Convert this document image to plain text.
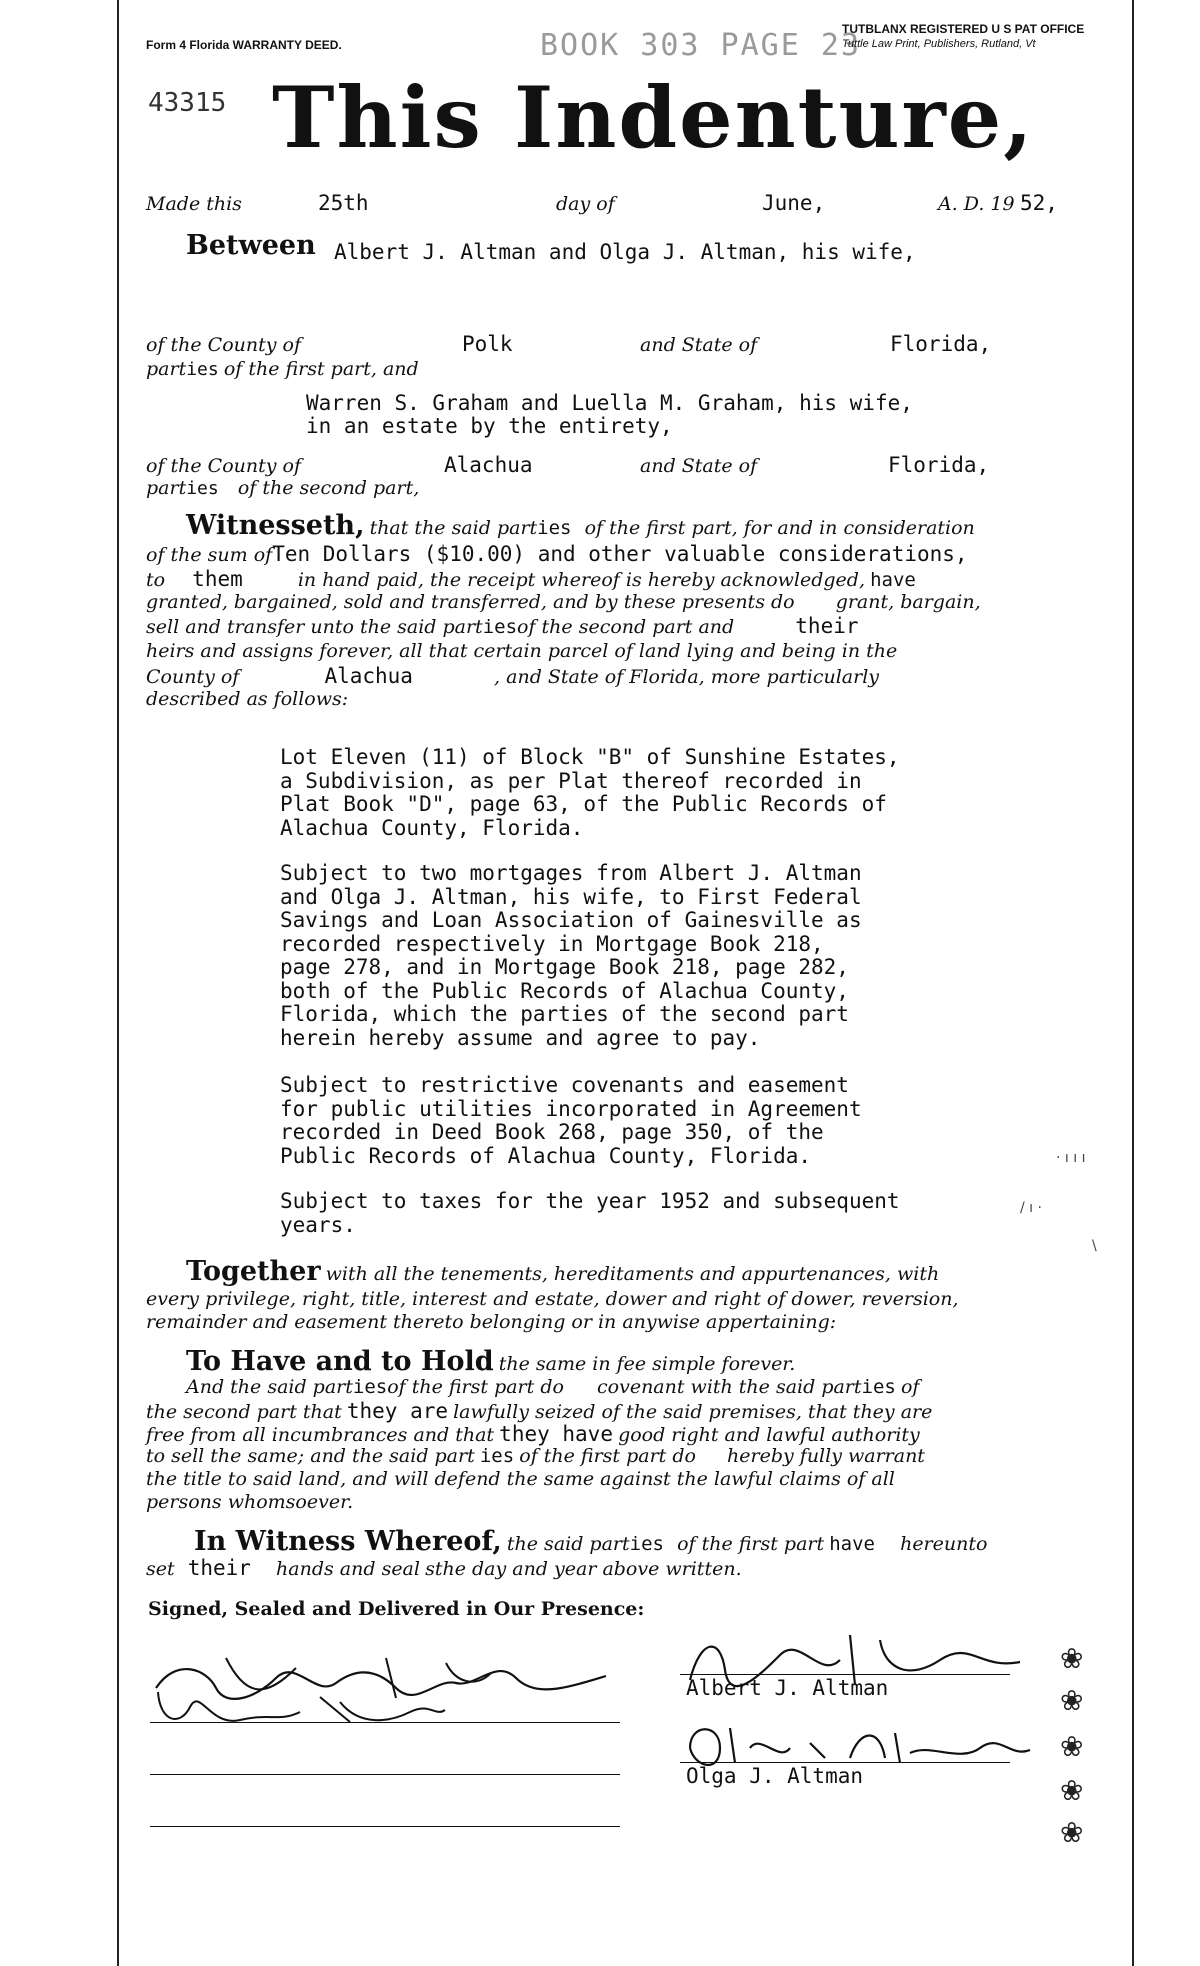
Form 4 Florida WARRANTY DEED.	BOOK 303 PAGE 23
TUTBLANX REGISTERED U S PAT OFFICE
Tuttle Law Print, Publishers, Rutland, Vt
43315 This Indenture,
Made this	25th	day of	June,	A. D. 19 52,
Between Albert J. Altman and Olga J. Altman, his wife,
of the County of	Polk	and State of	Florida,
parties of the first part, and
Warren S. Graham and Luella M. Graham, his wife,
in an estate by the entirety,
of the County of	Alachua	and State of	Florida,
parties of the second part,
Witnesseth, that the said parties of the first part, for and in consideration
of the sum ofTen Dollars ($10.00) and other valuable considerations,
to them	in hand paid, the receipt whereof is hereby acknowledged, have
granted, bargained, sold and transferred, and by these presents do grant, bargain,
sell and transfer unto the said partiesof the second part and	their
heirs and assigns forever, all that certain parcel of land lying and being in the
County of	Alachua	, and State of Florida, more particularly
described as follows:
Lot Eleven (11) of Block "B" of Sunshine Estates,
a Subdivision, as per Plat thereof recorded in
Plat Book "D", page 63, of the Public Records of
Alachua County, Florida.
Subject to two mortgages from Albert J. Altman
and Olga J. Altman, his wife, to First Federal
Savings and Loan Association of Gainesville as
recorded respectively in Mortgage Book 218,
page 278, and in Mortgage Book 218, page 282,
both of the Public Records of Alachua County,
Florida, which the parties of the second part
herein hereby assume and agree to pay.
Subject to restrictive covenants and easement
for public utilities incorporated in Agreement
recorded in Deed Book 268, page 350, of the
Public Records of Alachua County, Florida.
Subject to taxes for the year 1952 and subsequent
years.
· ı ı ı
/ ı ·
\
Together with all the tenements, hereditaments and appurtenances, with
every privilege, right, title, interest and estate, dower and right of dower, reversion,
remainder and easement thereto belonging or in anywise appertaining:
To Have and to Hold the same in fee simple forever.
And the said partiesof the first part do covenant with the said parties of
the second part that they are lawfully seized of the said premises, that they are
free from all incumbrances and that they have good right and lawful authority
to sell the same; and the said part ies of the first part do hereby fully warrant
the title to said land, and will defend the same against the lawful claims of all
persons whomsoever.
In Witness Whereof, the said parties of the first part have hereunto
set their hands and seal sthe day and year above written.
Signed, Sealed and Delivered in Our Presence:
Albert J. Altman
Olga J. Altman
❀
❀
❀
❀
❀
